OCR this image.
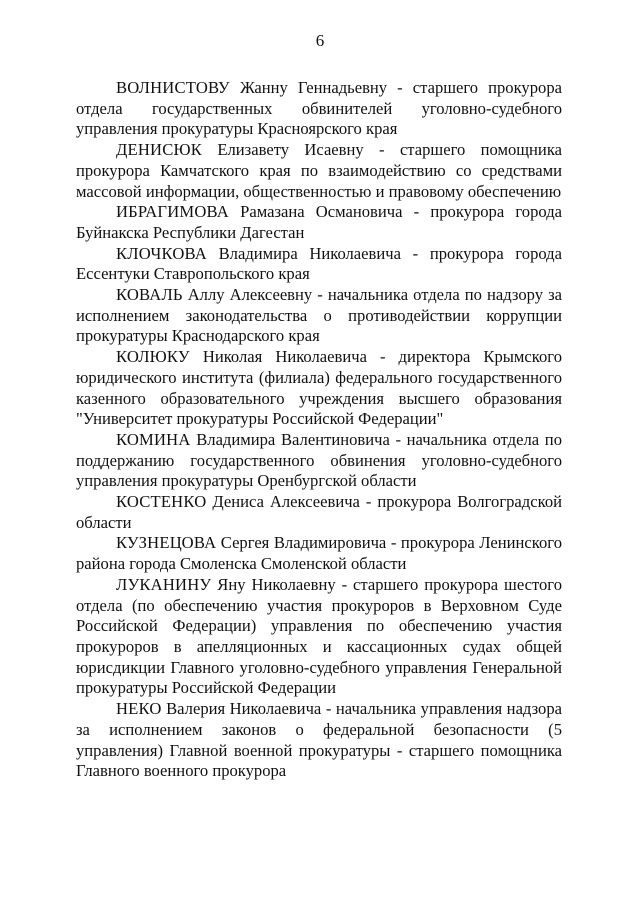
6

ВОЛНИСТОВУ Жанну Геннадьевну - старшего прокурора отдела государственных обвинителей уголовно-судебного управления прокуратуры Красноярского края

ДЕНИСЮК Елизавету Исаевну - старшего помощника прокурора Камчатского края по взаимодействию со средствами массовой информации, общественностью и правовому обеспечению

ИБРАГИМОВА Рамазана Османовича - прокурора города Буйнакска Республики Дагестан

КЛОЧКОВА Владимира Николаевича - прокурора города Ессентуки Ставропольского края

КОВАЛЬ Аллу Алексеевну - начальника отдела по надзору за исполнением законодательства о противодействии коррупции прокуратуры Краснодарского края

КОЛЮКУ Николая Николаевича - директора Крымского юридического института (филиала) федерального государственного казенного образовательного учреждения высшего образования "Университет прокуратуры Российской Федерации"

КОМИНА Владимира Валентиновича - начальника отдела по поддержанию государственного обвинения уголовно-судебного управления прокуратуры Оренбургской области

КОСТЕНКО Дениса Алексеевича - прокурора Волгоградской области

КУЗНЕЦОВА Сергея Владимировича - прокурора Ленинского района города Смоленска Смоленской области

ЛУКАНИНУ Яну Николаевну - старшего прокурора шестого отдела (по обеспечению участия прокуроров в Верховном Суде Российской Федерации) управления по обеспечению участия прокуроров в апелляционных и кассационных судах общей юрисдикции Главного уголовно-судебного управления Генеральной прокуратуры Российской Федерации

НЕКО Валерия Николаевича - начальника управления надзора за исполнением законов о федеральной безопасности (5 управления) Главной военной прокуратуры - старшего помощника Главного военного прокурора
